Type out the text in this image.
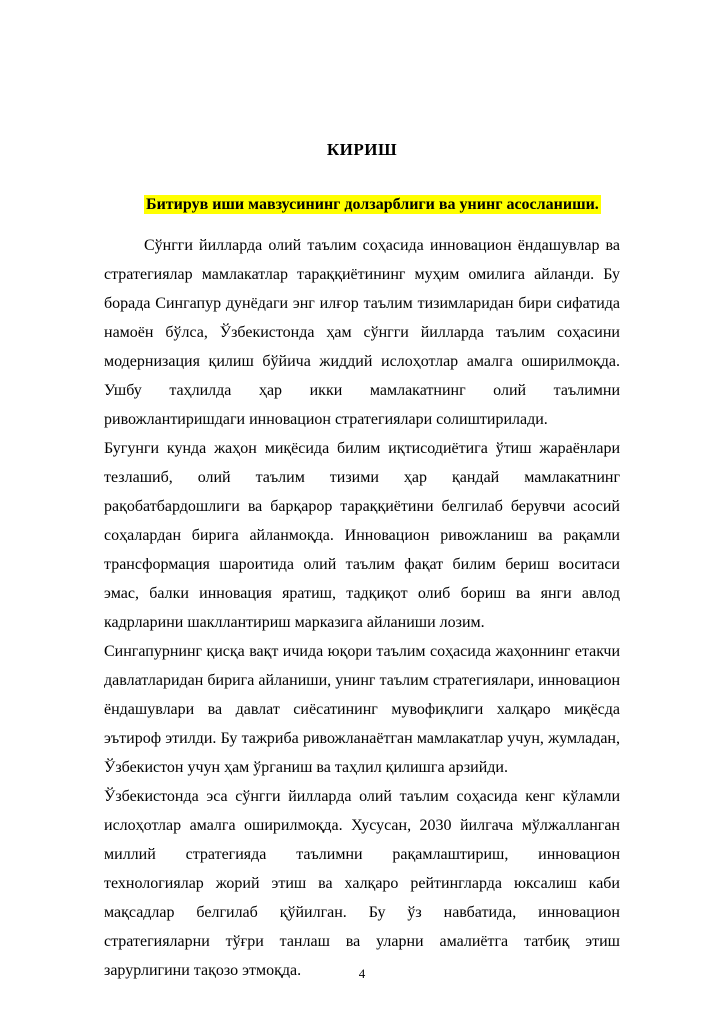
КИРИШ
Битирув иши мавзусининг долзарблиги ва унинг асосланиши.

Сўнгги йилларда олий таълим соҳасида инновацион ёндашувлар ва стратегиялар мамлакатлар тараққиётининг муҳим омилига айланди. Бу борада Сингапур дунёдаги энг илғор таълим тизимларидан бири сифатида намоён бўлса, Ўзбекистонда ҳам сўнгги йилларда таълим соҳасини модернизация қилиш бўйича жиддий ислоҳотлар амалга оширилмоқда. Ушбу таҳлилда ҳар икки мамлакатнинг олий таълимни ривожлантиришдаги инновацион стратегиялари солиштирилади.

Бугунги кунда жаҳон миқёсида билим иқтисодиётига ўтиш жараёнлари тезлашиб, олий таълим тизими ҳар қандай мамлакатнинг рақобатбардошлиги ва барқарор тараққиётини белгилаб берувчи асосий соҳалардан бирига айланмоқда. Инновацион ривожланиш ва рақамли трансформация шароитида олий таълим фақат билим бериш воситаси эмас, балки инновация яратиш, тадқиқот олиб бориш ва янги авлод кадрларини шакллантириш марказига айланиши лозим.

Сингапурнинг қисқа вақт ичида юқори таълим соҳасида жаҳоннинг етакчи давлатларидан бирига айланиши, унинг таълим стратегиялари, инновацион ёндашувлари ва давлат сиёсатининг мувофиқлиги халқаро миқёсда эътироф этилди. Бу тажриба ривожланаётган мамлакатлар учун, жумладан, Ўзбекистон учун ҳам ўрганиш ва таҳлил қилишга арзийди.

Ўзбекистонда эса сўнгги йилларда олий таълим соҳасида кенг кўламли ислоҳотлар амалга оширилмоқда. Хусусан, 2030 йилгача мўлжалланган миллий стратегияда таълимни рақамлаштириш, инновацион технологиялар жорий этиш ва халқаро рейтингларда юксалиш каби мақсадлар белгилаб қўйилган. Бу ўз навбатида, инновацион стратегияларни тўғри танлаш ва уларни амалиётга татбиқ этиш зарурлигини тақозо этмоқда.	4
